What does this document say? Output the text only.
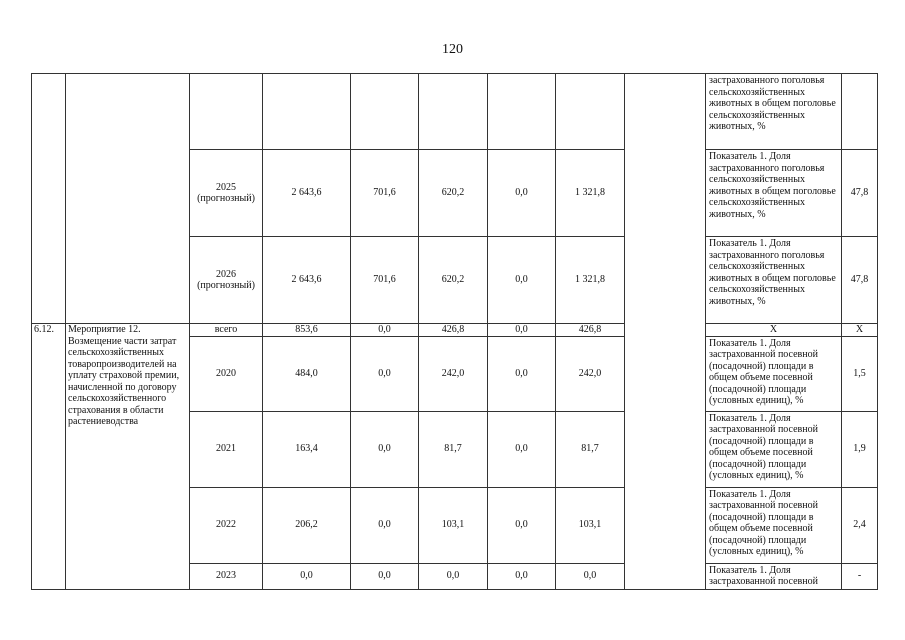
120
									застрахованного поголовья сельскохозяйственных животных в общем поголовье сельскохозяйственных животных, %	
		2025 (прогнозный)	2 643,6	701,6	620,2	0,0	1 321,8		Показатель 1. Доля застрахованного поголовья сельскохозяйственных животных в общем поголовье сельскохозяйственных животных, %	47,8
		2026 (прогнозный)	2 643,6	701,6	620,2	0,0	1 321,8		Показатель 1. Доля застрахованного поголовья сельскохозяйственных животных в общем поголовье сельскохозяйственных животных, %	47,8
6.12.	Мероприятие 12. Возмещение части затрат сельскохозяйственных товаропроизводителей на уплату страховой премии, начисленной по договору сельскохозяйственного страхования в области растениеводства	всего	853,6	0,0	426,8	0,0	426,8		Х	Х
		2020	484,0	0,0	242,0	0,0	242,0		Показатель 1. Доля застрахованной посевной (посадочной) площади в общем объеме посевной (посадочной) площади (условных единиц), %	1,5
		2021	163,4	0,0	81,7	0,0	81,7		Показатель 1. Доля застрахованной посевной (посадочной) площади в общем объеме посевной (посадочной) площади (условных единиц), %	1,9
		2022	206,2	0,0	103,1	0,0	103,1		Показатель 1. Доля застрахованной посевной (посадочной) площади в общем объеме посевной (посадочной) площади (условных единиц), %	2,4
		2023	0,0	0,0	0,0	0,0	0,0		Показатель 1. Доля застрахованной посевной	-
